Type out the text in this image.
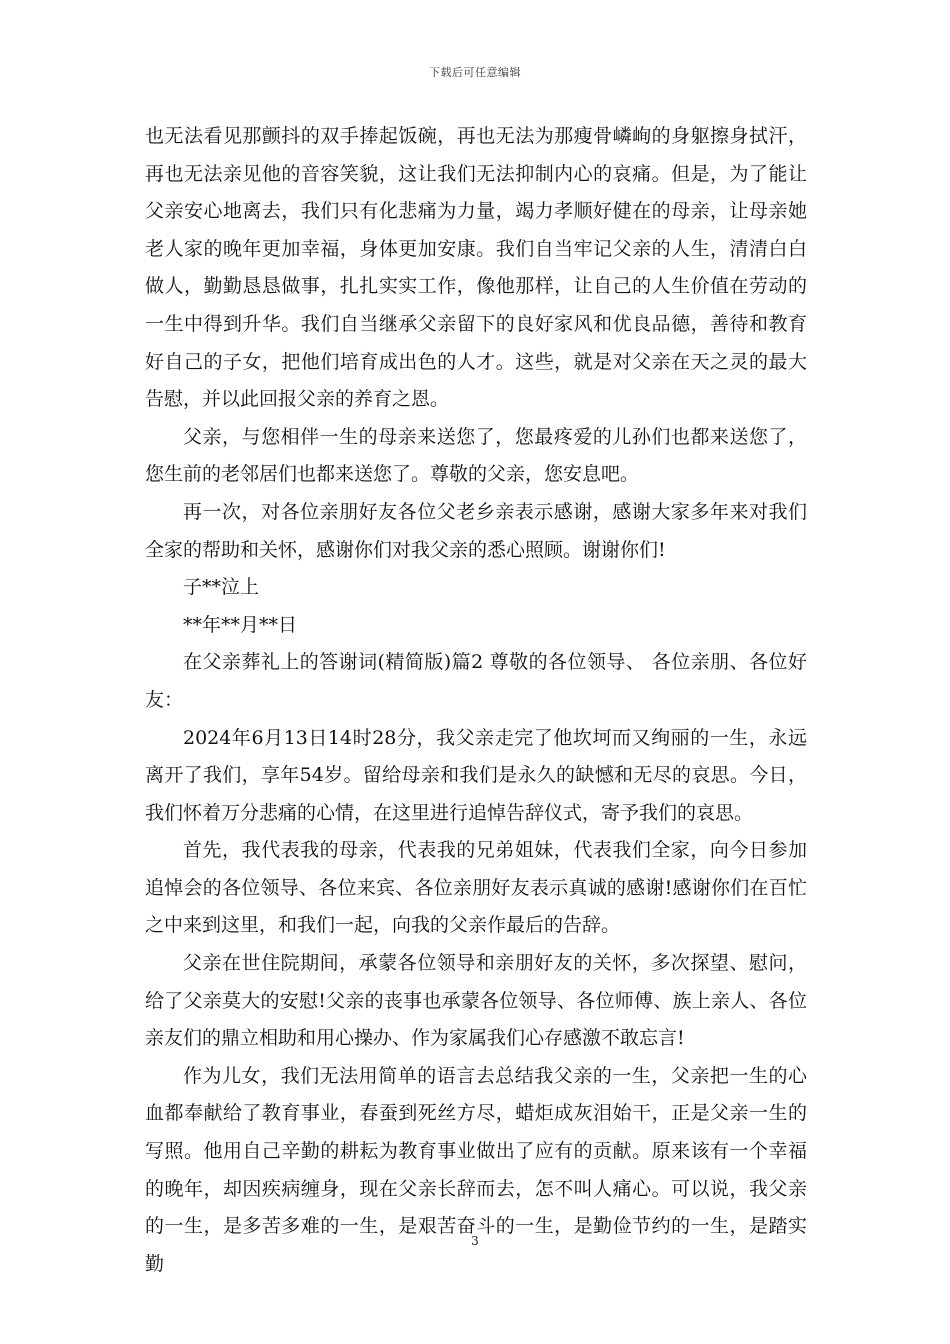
下载后可任意编辑

也无法看见那颤抖的双手捧起饭碗，再也无法为那瘦骨嶙峋的身躯擦身拭汗，再也无法亲见他的音容笑貌，这让我们无法抑制内心的哀痛。但是，为了能让父亲安心地离去，我们只有化悲痛为力量，竭力孝顺好健在的母亲，让母亲她老人家的晚年更加幸福，身体更加安康。我们自当牢记父亲的人生，清清白白做人，勤勤恳恳做事，扎扎实实工作，像他那样，让自己的人生价值在劳动的一生中得到升华。我们自当继承父亲留下的良好家风和优良品德，善待和教育好自己的子女，把他们培育成出色的人才。这些，就是对父亲在天之灵的最大告慰，并以此回报父亲的养育之恩。

父亲，与您相伴一生的母亲来送您了，您最疼爱的儿孙们也都来送您了，您生前的老邻居们也都来送您了。尊敬的父亲，您安息吧。

再一次，对各位亲朋好友各位父老乡亲表示感谢，感谢大家多年来对我们全家的帮助和关怀，感谢你们对我父亲的悉心照顾。谢谢你们!

子**泣上

**年**月**日

在父亲葬礼上的答谢词(精简版)篇2 尊敬的各位领导、 各位亲朋、各位好友：

2024年6月13日14时28分，我父亲走完了他坎坷而又绚丽的一生，永远离开了我们，享年54岁。留给母亲和我们是永久的缺憾和无尽的哀思。今日，我们怀着万分悲痛的心情，在这里进行追悼告辞仪式，寄予我们的哀思。

首先，我代表我的母亲，代表我的兄弟姐妹，代表我们全家，向今日参加追悼会的各位领导、各位来宾、各位亲朋好友表示真诚的感谢!感谢你们在百忙之中来到这里，和我们一起，向我的父亲作最后的告辞。

父亲在世住院期间，承蒙各位领导和亲朋好友的关怀，多次探望、慰问，给了父亲莫大的安慰!父亲的丧事也承蒙各位领导、各位师傅、族上亲人、各位亲友们的鼎立相助和用心操办、作为家属我们心存感激不敢忘言!

作为儿女，我们无法用简单的语言去总结我父亲的一生，父亲把一生的心血都奉献给了教育事业，春蚕到死丝方尽，蜡炬成灰泪始干，正是父亲一生的写照。他用自己辛勤的耕耘为教育事业做出了应有的贡献。原来该有一个幸福的晚年，却因疾病缠身，现在父亲长辞而去，怎不叫人痛心。可以说，我父亲的一生，是多苦多难的一生，是艰苦奋斗的一生，是勤俭节约的一生，是踏实勤

3
